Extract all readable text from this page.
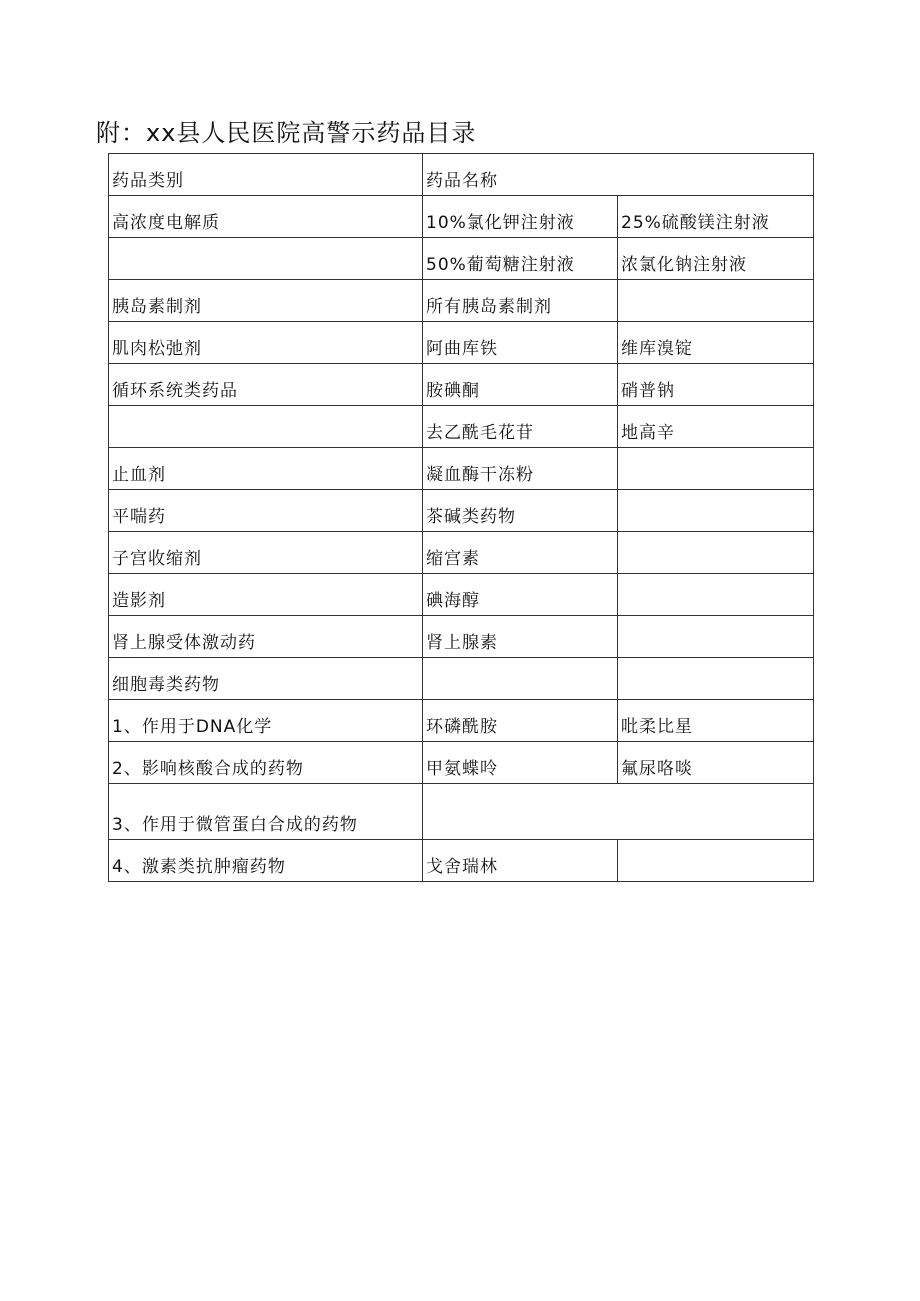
附：xx县人民医院高警示药品目录
药品类别	药品名称	
高浓度电解质	10%氯化钾注射液	25%硫酸镁注射液
	50%葡萄糖注射液	浓氯化钠注射液
胰岛素制剂	所有胰岛素制剂	
肌肉松弛剂	阿曲库铁	维库溴锭
循环系统类药品	胺碘酮	硝普钠
	去乙酰毛花苷	地高辛
止血剂	凝血酶干冻粉	
平喘药	茶碱类药物	
子宫收缩剂	缩宫素	
造影剂	碘海醇	
肾上腺受体激动药	肾上腺素	
细胞毒类药物		
1、作用于DNA化学	环磷酰胺	吡柔比星
2、影响核酸合成的药物	甲氨蝶呤	氟尿咯啖
3、作用于微管蛋白合成的药物		
4、激素类抗肿瘤药物	戈舍瑞林	
